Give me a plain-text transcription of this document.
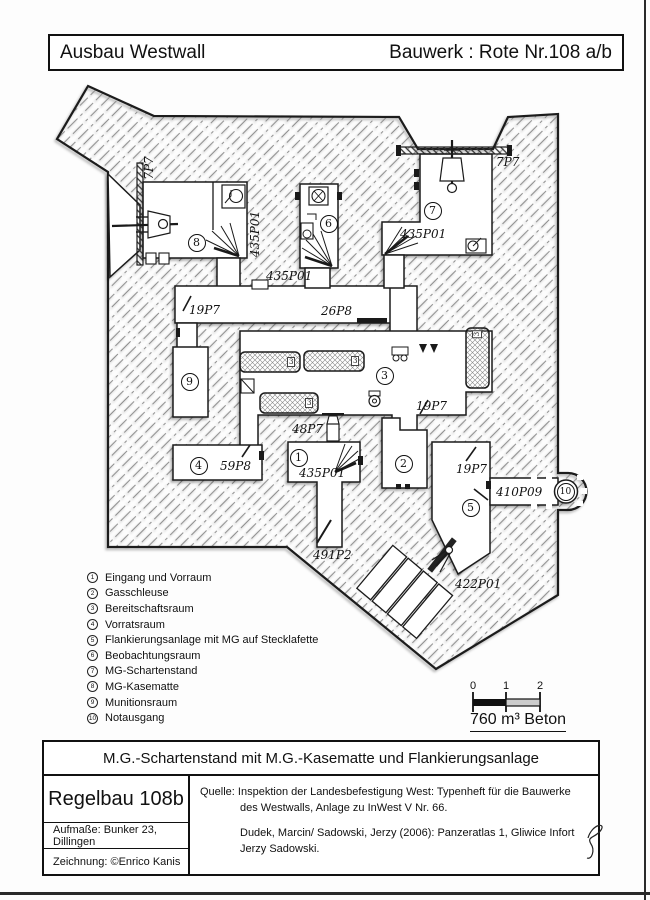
Ausbau Westwall	Bauwerk : Rote Nr.108 a/b
7P7	7P7
435P01
435P01
435P01
435P01
19P7	26P8
48P7
59P8
19P7
19P7
410P09
491P2
422P01
1	2
3
4
5
6
7
8
9
10
3	3
3
3
1 Eingang und Vorraum
2 Gasschleuse
3 Bereitschaftsraum
4 Vorratsraum
5 Flankierungsanlage mit MG auf Stecklafette
6 Beobachtungsraum
7 MG-Schartenstand
8 MG-Kasematte
9 Munitionsraum
10 Notausgang
0 1	2
760 m³ Beton
M.G.-Schartenstand mit M.G.-Kasematte und Flankierungsanlage
Regelbau 108b
Aufmaße: Bunker 23, Dillingen
Zeichnung: ©Enrico Kanis
Quelle: Inspektion der Landesbefestigung West: Typenheft für die Bauwerke des Westwalls, Anlage zu InWest V Nr. 66.
Dudek, Marcin/ Sadowski, Jerzy (2006): Panzeratlas 1, Gliwice Infort Jerzy Sadowski.
